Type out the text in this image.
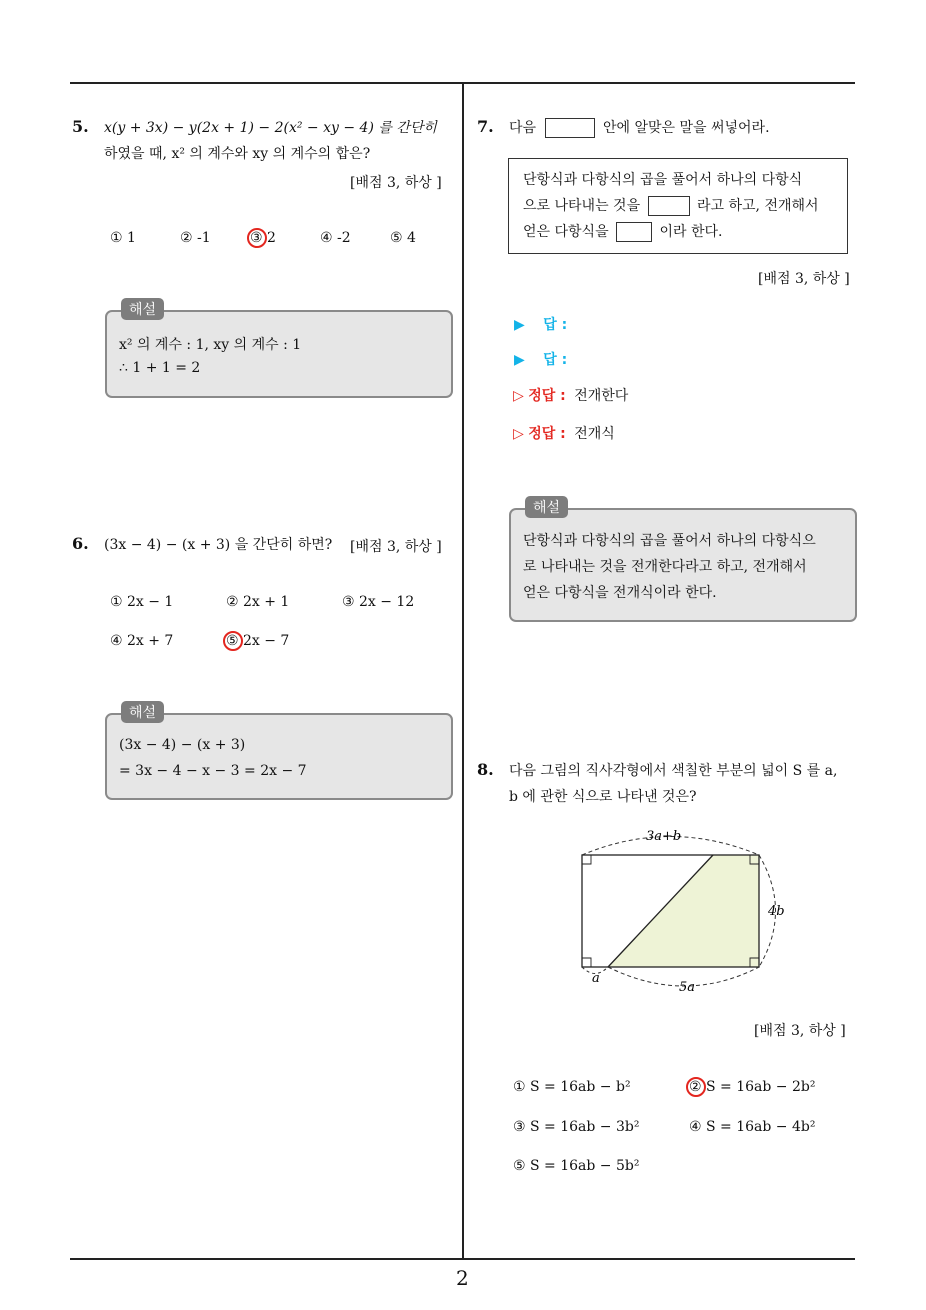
2
5. x(y + 3x) − y(2x + 1) − 2(x² − xy − 4) 를 간단히
하였을 때, x² 의 계수와 xy 의 계수의 합은?
[배점 3, 하상 ]
① 1	② -1	③ 2	④ -2	⑤ 4
해설
x² 의 계수 : 1, xy 의 계수 : 1
∴ 1 + 1 = 2
6. (3x − 4) − (x + 3) 을 간단히 하면? [배점 3, 하상 ]
① 2x − 1	② 2x + 1	③ 2x − 12
④ 2x + 7	⑤ 2x − 7
해설
(3x − 4) − (x + 3)
= 3x − 4 − x − 3 = 2x − 7
7. 다음	안에 알맞은 말을 써넣어라.
단항식과 다항식의 곱을 풀어서 하나의 다항식
으로 나타내는 것을	라고 하고, 전개해서
얻은 다항식을	이라 한다.
[배점 3, 하상 ]
▶ 답 :
▶ 답 :
▷ 정답 : 전개한다
▷ 정답 : 전개식
해설
단항식과 다항식의 곱을 풀어서 하나의 다항식으
로 나타내는 것을 전개한다라고 하고, 전개해서
얻은 다항식을 전개식이라 한다.
8. 다음 그림의 직사각형에서 색칠한 부분의 넓이 S 를 a,
b 에 관한 식으로 나타낸 것은?
3a+b
4b
a
5a
[배점 3, 하상 ]
① S = 16ab − b²	② S = 16ab − 2b²
③ S = 16ab − 3b²	④ S = 16ab − 4b²
⑤ S = 16ab − 5b²
